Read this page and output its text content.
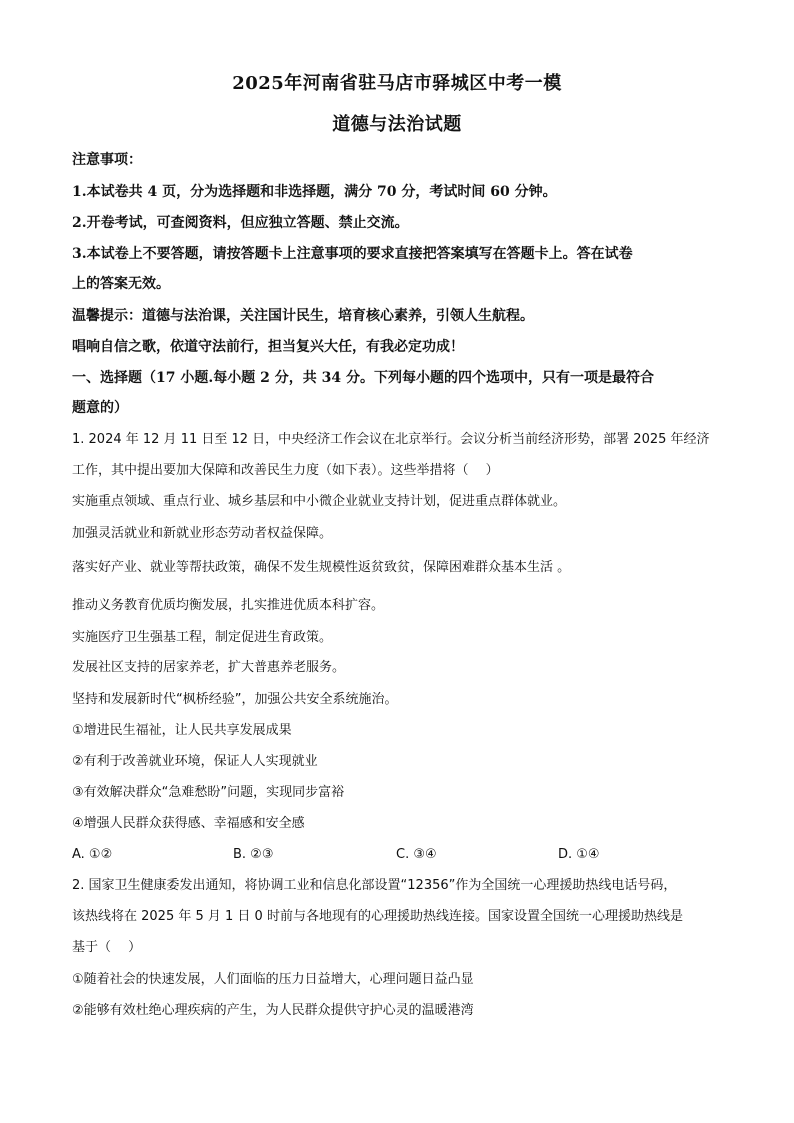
2025年河南省驻马店市驿城区中考一模
道德与法治试题
注意事项：
1.本试卷共 4 页，分为选择题和非选择题，满分 70 分，考试时间 60 分钟。
2.开卷考试，可查阅资料，但应独立答题、禁止交流。
3.本试卷上不要答题，请按答题卡上注意事项的要求直接把答案填写在答题卡上。答在试卷
上的答案无效。
温馨提示：道德与法治课，关注国计民生，培育核心素养，引领人生航程。
唱响自信之歌，依道守法前行，担当复兴大任，有我必定功成！
一、选择题（17 小题.每小题 2 分，共 34 分。下列每小题的四个选项中，只有一项是最符合
题意的）
1. 2024 年 12 月 11 日至 12 日，中央经济工作会议在北京举行。会议分析当前经济形势，部署 2025 年经济
工作，其中提出要加大保障和改善民生力度（如下表）。这些举措将（　 ）
实施重点领域、重点行业、城乡基层和中小微企业就业支持计划，促进重点群体就业。
加强灵活就业和新就业形态劳动者权益保障。
落实好产业、就业等帮扶政策，确保不发生规模性返贫致贫，保障困难群众基本生活 。
推动义务教育优质均衡发展，扎实推进优质本科扩容。
实施医疗卫生强基工程，制定促进生育政策。
发展社区支持的居家养老，扩大普惠养老服务。
坚持和发展新时代“枫桥经验”，加强公共安全系统施治。
①增进民生福祉，让人民共享发展成果
②有利于改善就业环境，保证人人实现就业
③有效解决群众“急难愁盼”问题，实现同步富裕
④增强人民群众获得感、幸福感和安全感
A. ①②	B. ②③	C. ③④	D. ①④
2. 国家卫生健康委发出通知，将协调工业和信息化部设置“12356”作为全国统一心理援助热线电话号码，
该热线将在 2025 年 5 月 1 日 0 时前与各地现有的心理援助热线连接。国家设置全国统一心理援助热线是
基于（　 ）
①随着社会的快速发展，人们面临的压力日益增大，心理问题日益凸显
②能够有效杜绝心理疾病的产生，为人民群众提供守护心灵的温暖港湾
